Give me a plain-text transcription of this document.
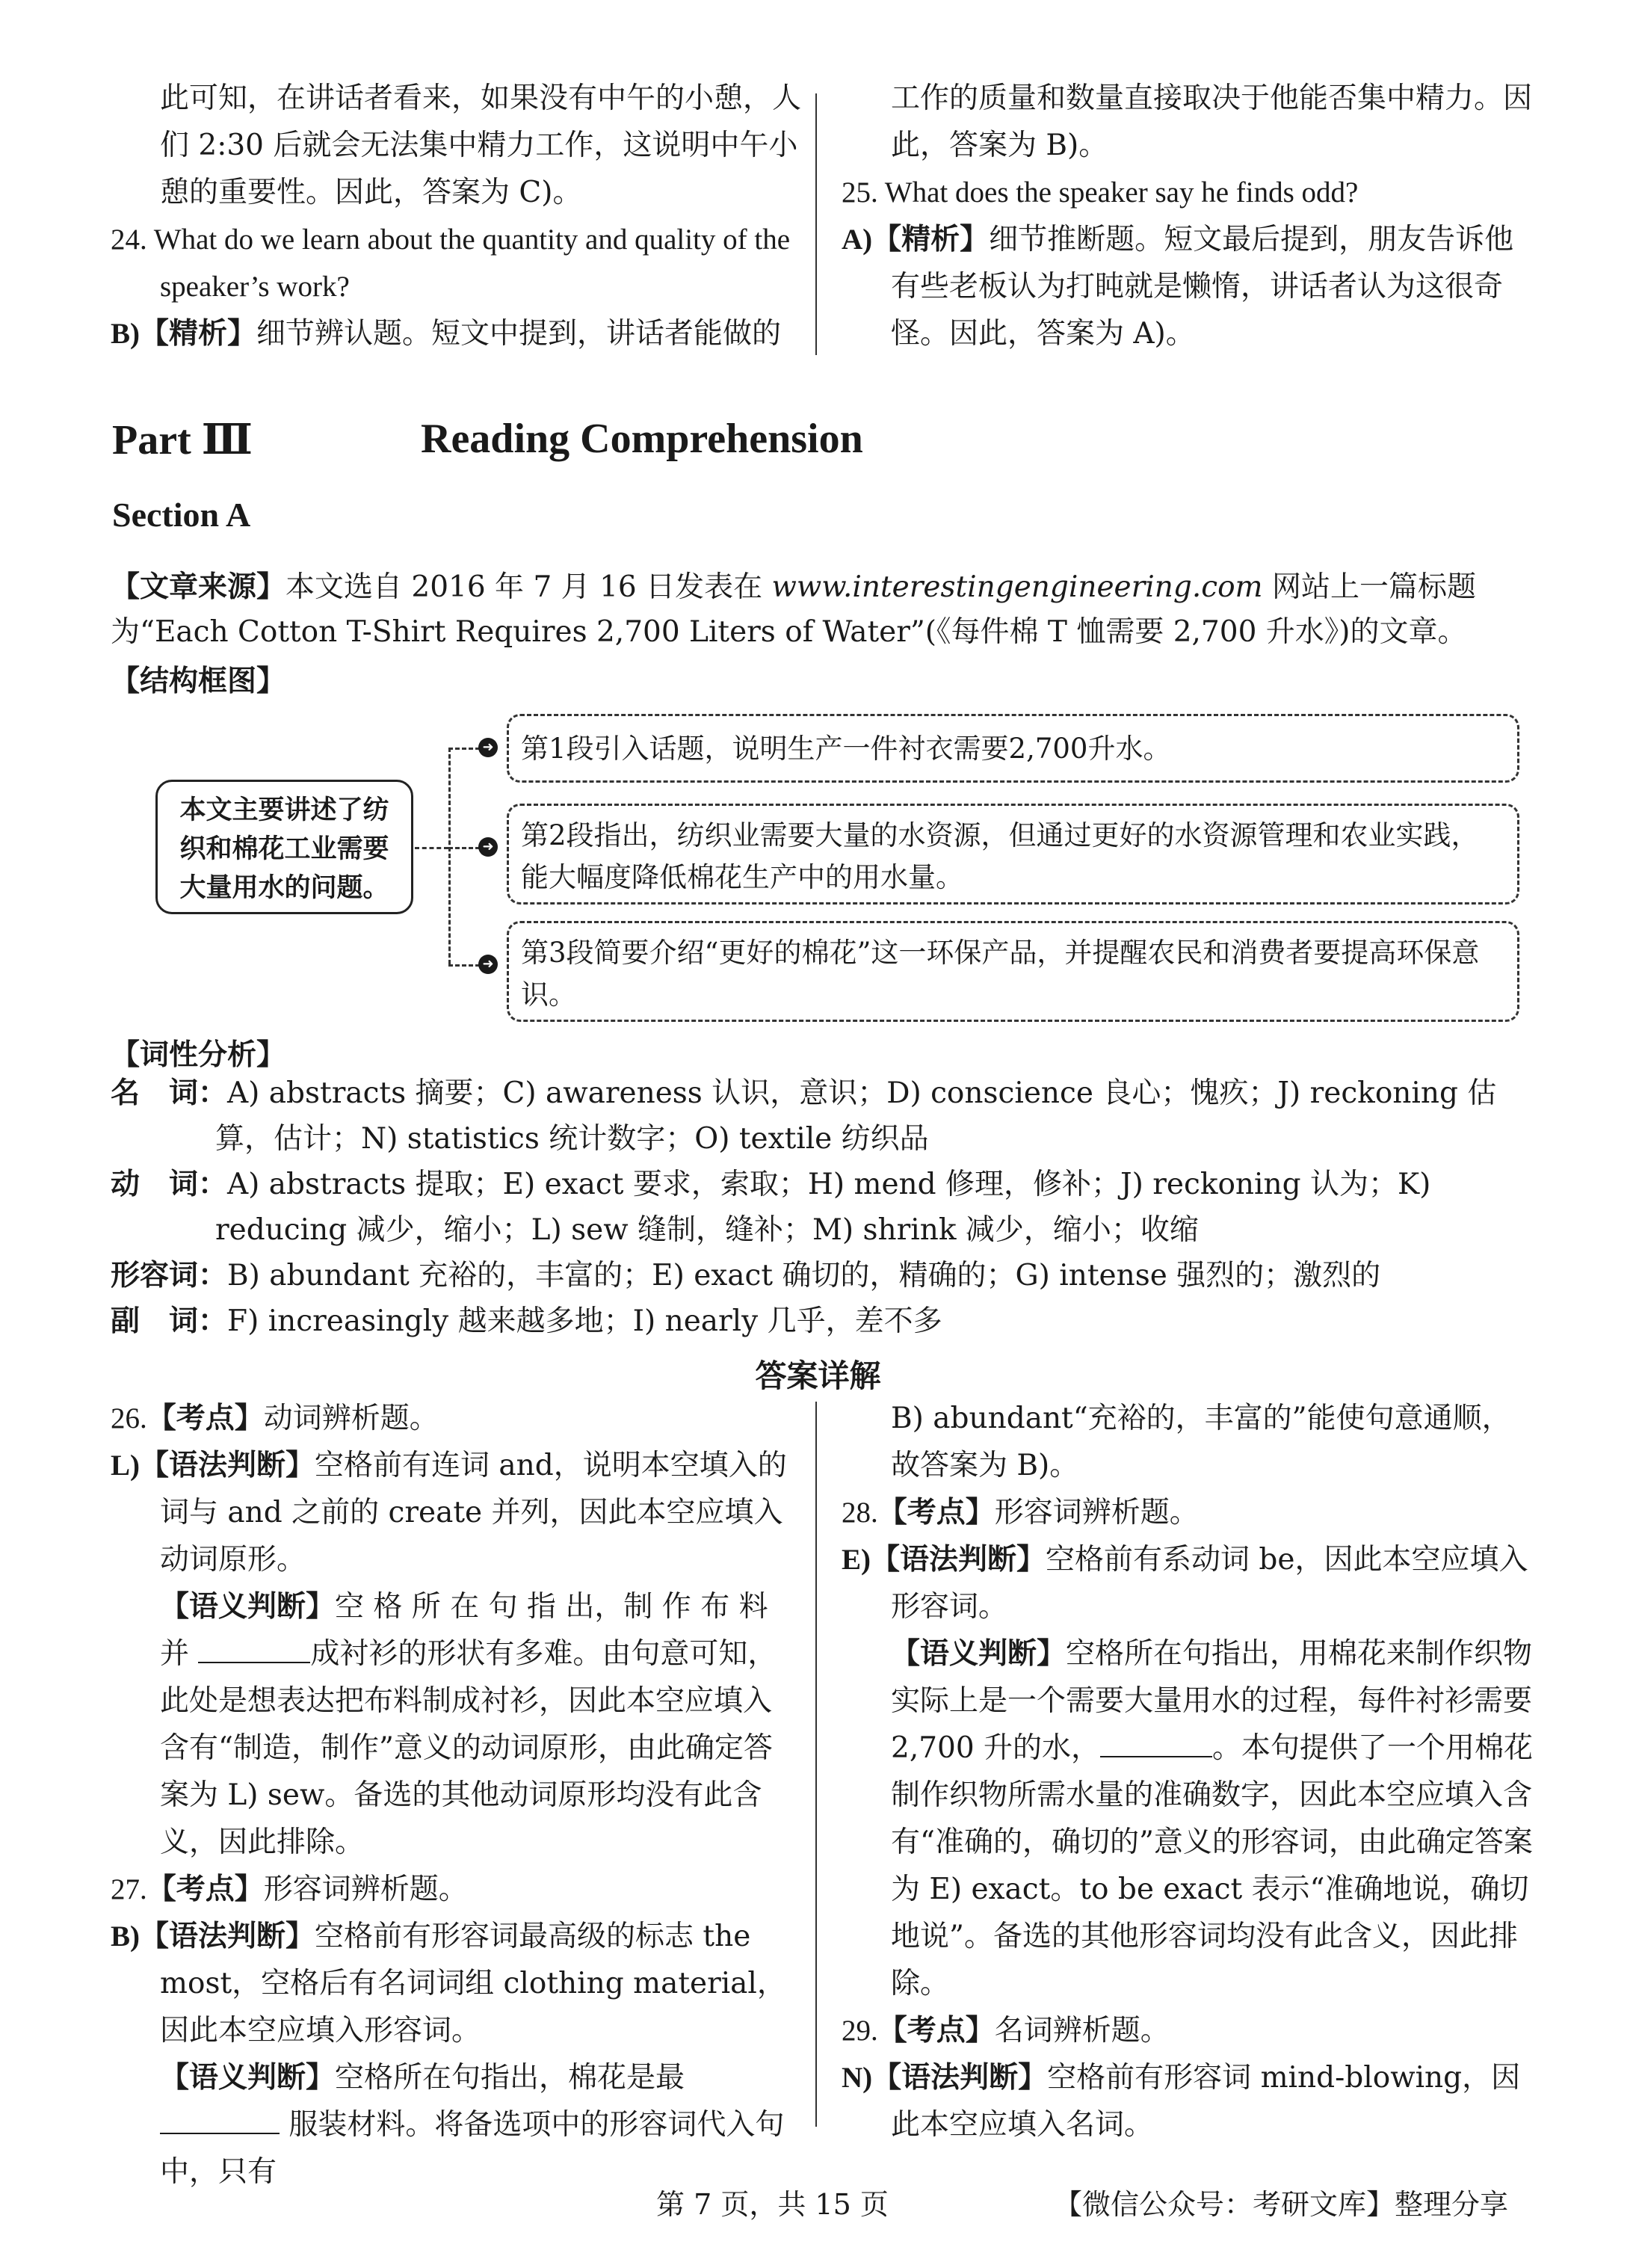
此可知，在讲话者看来，如果没有中午的小憩，人

们 2:30 后就会无法集中精力工作，这说明中午小

憩的重要性。因此，答案为 C)。

24. What do we learn about the quantity and quality of the speaker’s work?
B)【精析】细节辨认题。短文中提到，讲话者能做的

工作的质量和数量直接取决于他能否集中精力。因此，答案为 B)。

25. What does the speaker say he finds odd?
A)【精析】细节推断题。短文最后提到，朋友告诉他有些老板认为打盹就是懒惰，讲话者认为这很奇怪。因此，答案为 A)。
Part Ⅲ	Reading Comprehension
Section A
【文章来源】本文选自 2016 年 7 月 16 日发表在 www.interestingengineering.com 网站上一篇标题为“Each Cotton T-Shirt Requires 2,700 Liters of Water”(《每件棉 T 恤需要 2,700 升水》)的文章。
【结构框图】
本文主要讲述了纺织和棉花工业需要大量用水的问题。
➜
➜
➜
第1段引入话题，说明生产一件衬衣需要2,700升水。
第2段指出，纺织业需要大量的水资源，但通过更好的水资源管理和农业实践，能大幅度降低棉花生产中的用水量。
第3段简要介绍“更好的棉花”这一环保产品，并提醒农民和消费者要提高环保意识。
【词性分析】
名　词：A) abstracts 摘要；C) awareness 认识，意识；D) conscience 良心；愧疚；J) reckoning 估算，估计；N) statistics 统计数字；O) textile 纺织品
动　词：A) abstracts 提取；E) exact 要求，索取；H) mend 修理，修补；J) reckoning 认为；K) reducing 减少，缩小；L) sew 缝制，缝补；M) shrink 减少，缩小；收缩
形容词：B) abundant 充裕的，丰富的；E) exact 确切的，精确的；G) intense 强烈的；激烈的
副　词：F) increasingly 越来越多地；I) nearly 几乎，差不多
答案详解
26.【考点】动词辨析题。
L)【语法判断】空格前有连词 and，说明本空填入的词与 and 之前的 create 并列，因此本空应填入动词原形。
【语义判断】空 格 所 在 句 指 出，制 作 布 料 并	成衬衫的形状有多难。由句意可知，此处是想表达把布料制成衬衫，因此本空应填入含有“制造，制作”意义的动词原形，由此确定答案为 L) sew。备选的其他动词原形均没有此含义，因此排除。
27.【考点】形容词辨析题。
B)【语法判断】空格前有形容词最高级的标志 the most，空格后有名词词组 clothing material，因此本空应填入形容词。
【语义判断】空格所在句指出，棉花是最 服装材料。将备选项中的形容词代入句中，只有
B) abundant“充裕的，丰富的”能使句意通顺，故答案为 B)。
28.【考点】形容词辨析题。
E)【语法判断】空格前有系动词 be，因此本空应填入形容词。
【语义判断】空格所在句指出，用棉花来制作织物实际上是一个需要大量用水的过程，每件衬衫需要 2,700 升的水，	。本句提供了一个用棉花制作织物所需水量的准确数字，因此本空应填入含有“准确的，确切的”意义的形容词，由此确定答案为 E) exact。to be exact 表示“准确地说，确切地说”。备选的其他形容词均没有此含义，因此排除。
29.【考点】名词辨析题。
N)【语法判断】空格前有形容词 mind-blowing，因此本空应填入名词。
第 7 页，共 15 页	【微信公众号：考研文库】整理分享
